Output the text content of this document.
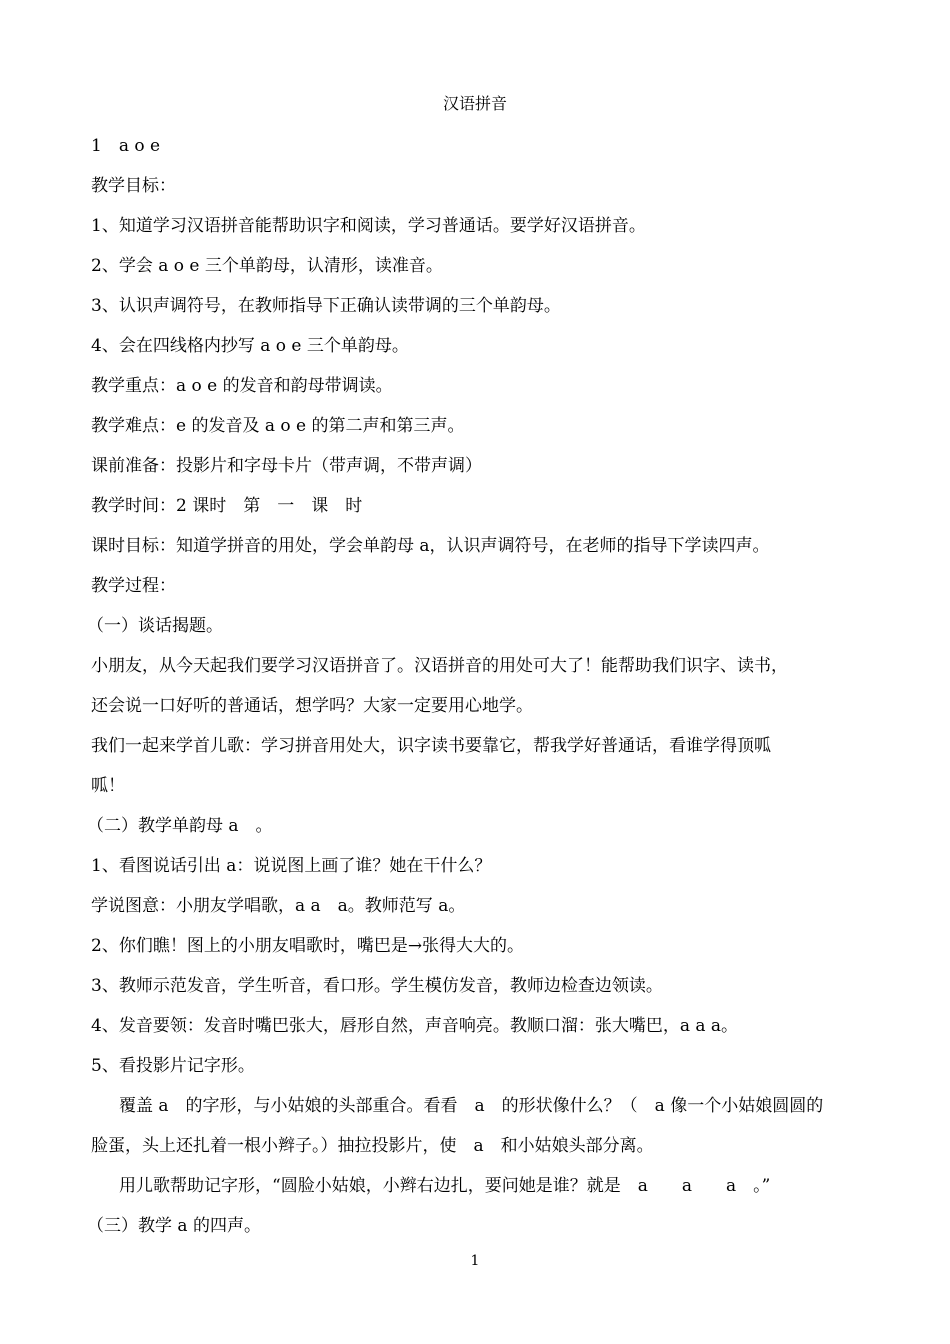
汉语拼音
1　a o e
教学目标：
1、知道学习汉语拼音能帮助识字和阅读，学习普通话。要学好汉语拼音。
2、学会 a o e 三个单韵母，认清形，读准音。
3、认识声调符号，在教师指导下正确认读带调的三个单韵母。
4、会在四线格内抄写 a o e 三个单韵母。
教学重点：a o e 的发音和韵母带调读。
教学难点：e 的发音及 a o e 的第二声和第三声。
课前准备：投影片和字母卡片（带声调，不带声调）
教学时间：2 课时　第　一　课　时
课时目标：知道学拼音的用处，学会单韵母 a，认识声调符号，在老师的指导下学读四声。
教学过程：
（一）谈话揭题。
小朋友，从今天起我们要学习汉语拼音了。汉语拼音的用处可大了！能帮助我们识字、读书，
还会说一口好听的普通话，想学吗？大家一定要用心地学。
我们一起来学首儿歌：学习拼音用处大，识字读书要靠它，帮我学好普通话，看谁学得顶呱
呱！
（二）教学单韵母 a　。
1、看图说话引出 a：说说图上画了谁？她在干什么？
学说图意：小朋友学唱歌，a a　a。教师范写 a。
2、你们瞧！图上的小朋友唱歌时，嘴巴是→张得大大的。
3、教师示范发音，学生听音，看口形。学生模仿发音，教师边检查边领读。
4、发音要领：发音时嘴巴张大，唇形自然，声音响亮。教顺口溜：张大嘴巴，a a a。
5、看投影片记字形。
覆盖 a　的字形，与小姑娘的头部重合。看看　a　的形状像什么？（　a 像一个小姑娘圆圆的
脸蛋，头上还扎着一根小辫子。）抽拉投影片，使　a　和小姑娘头部分离。
用儿歌帮助记字形，“圆脸小姑娘，小辫右边扎，要问她是谁？就是　a　　a　　a　。”
（三）教学 a 的四声。
1
